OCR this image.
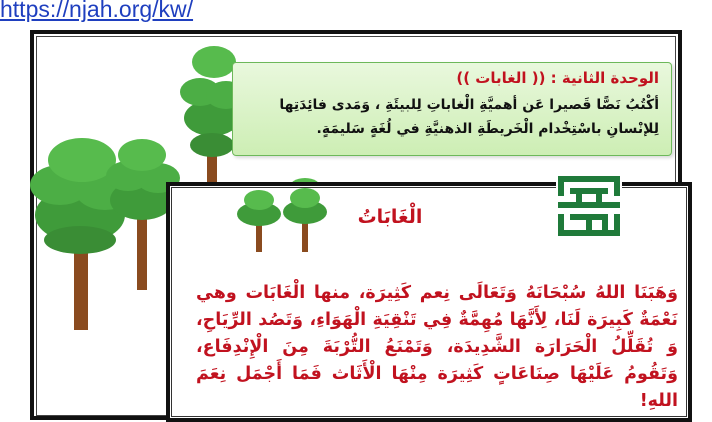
https://njah.org/kw/
الوحدة الثانية : (( الغابات ))
أكْتُبُ نَصًّا قَصيرا عَن أهميَّةِ الْغاباتِ لِلبيئَةِ ، وَمَدى فائِدَتِها لِلإنْسانِ باسْتِخْدام الْخَريطَةِ الذهنيَّةِ في لُغَةٍ سَليمَةٍ.
الْغَابَاتُ
وَهَبَنَا اللهُ سُبْحَانَهُ وَتَعَالَى نِعم كَثِيرَة، منها الْغَابَات وهي نَعْمَةٌ كَبِيرَة لَنَا، لِأَنَّهَا مُهِمَّةٌ فِي تَنْقِيَةِ الْهَوَاءِ، وَتَصُد الرِّيَاحِ، وَ تُقَلِّلُ الْحَرَارَة الشَّدِيدَة، وَتَمْنَعُ التُّرْبَةَ مِنَ الْإِنْدِفَاع، وَتَقُومُ عَلَيْهَا صِنَاعَاتٍ كَثِيرَة مِنْهَا الْأَثَاث فَمَا أَجْمَل نِعَمَ اللهِ!
